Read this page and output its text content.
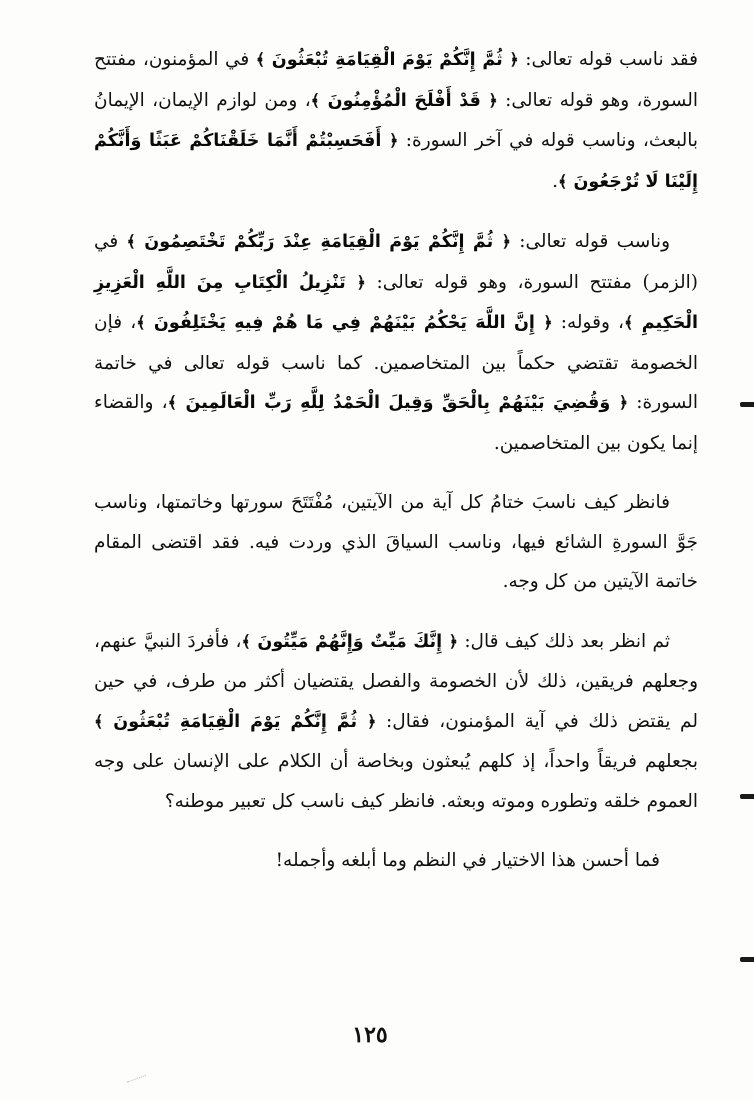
فقد ناسب قوله تعالى: ﴿ ثُمَّ إِنَّكُمْ يَوْمَ الْقِيَامَةِ تُبْعَثُونَ ﴾ في المؤمنون، مفتتح السورة، وهو قوله تعالى: ﴿ قَدْ أَفْلَحَ الْمُؤْمِنُونَ ﴾، ومن لوازم الإيمان، الإيمانُ بالبعث، وناسب قوله في آخر السورة: ﴿ أَفَحَسِبْتُمْ أَنَّمَا خَلَقْنَاكُمْ عَبَثًا وَأَنَّكُمْ إِلَيْنَا لَا تُرْجَعُونَ ﴾.

وناسب قوله تعالى: ﴿ ثُمَّ إِنَّكُمْ يَوْمَ الْقِيَامَةِ عِنْدَ رَبِّكُمْ تَخْتَصِمُونَ ﴾ في (الزمر) مفتتح السورة، وهو قوله تعالى: ﴿ تَنْزِيلُ الْكِتَابِ مِنَ اللَّهِ الْعَزِيزِ الْحَكِيمِ ﴾، وقوله: ﴿ إِنَّ اللَّهَ يَحْكُمُ بَيْنَهُمْ فِي مَا هُمْ فِيهِ يَخْتَلِفُونَ ﴾، فإن الخصومة تقتضي حكماً بين المتخاصمين. كما ناسب قوله تعالى في خاتمة السورة: ﴿ وَقُضِيَ بَيْنَهُمْ بِالْحَقِّ وَقِيلَ الْحَمْدُ لِلَّهِ رَبِّ الْعَالَمِينَ ﴾، والقضاء إنما يكون بين المتخاصمين.

فانظر كيف ناسبَ ختامُ كل آية من الآيتين، مُفْتَتَحَ سورتها وخاتمتها، وناسب جَوَّ السورةِ الشائع فيها، وناسب السياقَ الذي وردت فيه. فقد اقتضى المقام خاتمة الآيتين من كل وجه.

ثم انظر بعد ذلك كيف قال: ﴿ إِنَّكَ مَيِّتٌ وَإِنَّهُمْ مَيِّتُونَ ﴾، فأفردَ النبيَّ عنهم، وجعلهم فريقين، ذلك لأن الخصومة والفصل يقتضيان أكثر من طرف، في حين لم يقتض ذلك في آية المؤمنون، فقال: ﴿ ثُمَّ إِنَّكُمْ يَوْمَ الْقِيَامَةِ تُبْعَثُونَ ﴾ بجعلهم فريقاً واحداً، إذ كلهم يُبعثون وبخاصة أن الكلام على الإنسان على وجه العموم خلقه وتطوره وموته وبعثه. فانظر كيف ناسب كل تعبير موطنه؟

فما أحسن هذا الاختيار في النظم وما أبلغه وأجمله!

١٢٥
